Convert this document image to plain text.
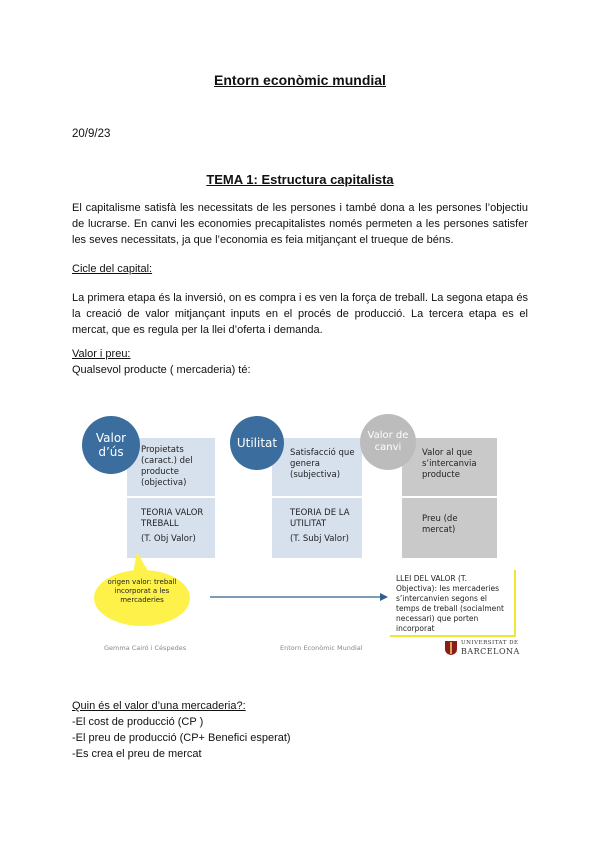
Entorn econòmic mundial
20/9/23
TEMA 1: Estructura capitalista
El capitalisme satisfà les necessitats de les persones i també dona a les persones l’objectiu de lucrarse. En canvi les economies precapitalistes només permeten a les persones satisfer les seves necessitats, ja que l’economia es feia mitjançant el trueque de béns.
Cicle del capital:
La primera etapa és la inversió, on es compra i es ven la força de treball. La segona etapa és la creació de valor mitjançant inputs en el procés de producció. La tercera etapa es el mercat, que es regula per la llei d’oferta i demanda.
Valor i preu:
Qualsevol producte ( mercaderia) té:
Propietats (caract.) del producte (objectiva)
TEORIA VALOR TREBALL
(T. Obj Valor)
Valor d’ús	Satisfacció que genera (subjectiva)
TEORIA DE LA UTILITAT
(T. Subj Valor)
Utilitat
Valor al que s’intercanvia producte
Preu (de mercat)
Valor de canvi
origen valor: treball incorporat a les mercaderies
LLEI DEL VALOR (T. Objectiva): les mercaderies s’intercanvien segons el temps de treball (socialment necessari) que porten incorporat
Gemma Cairó i Céspedes	Entorn Econòmic Mundial
UNIVERSITAT DE
BARCELONA
Quin és el valor d’una mercaderia?:
-El cost de producció (CP )
-El preu de producció (CP+ Benefici esperat)
-Es crea el preu de mercat
